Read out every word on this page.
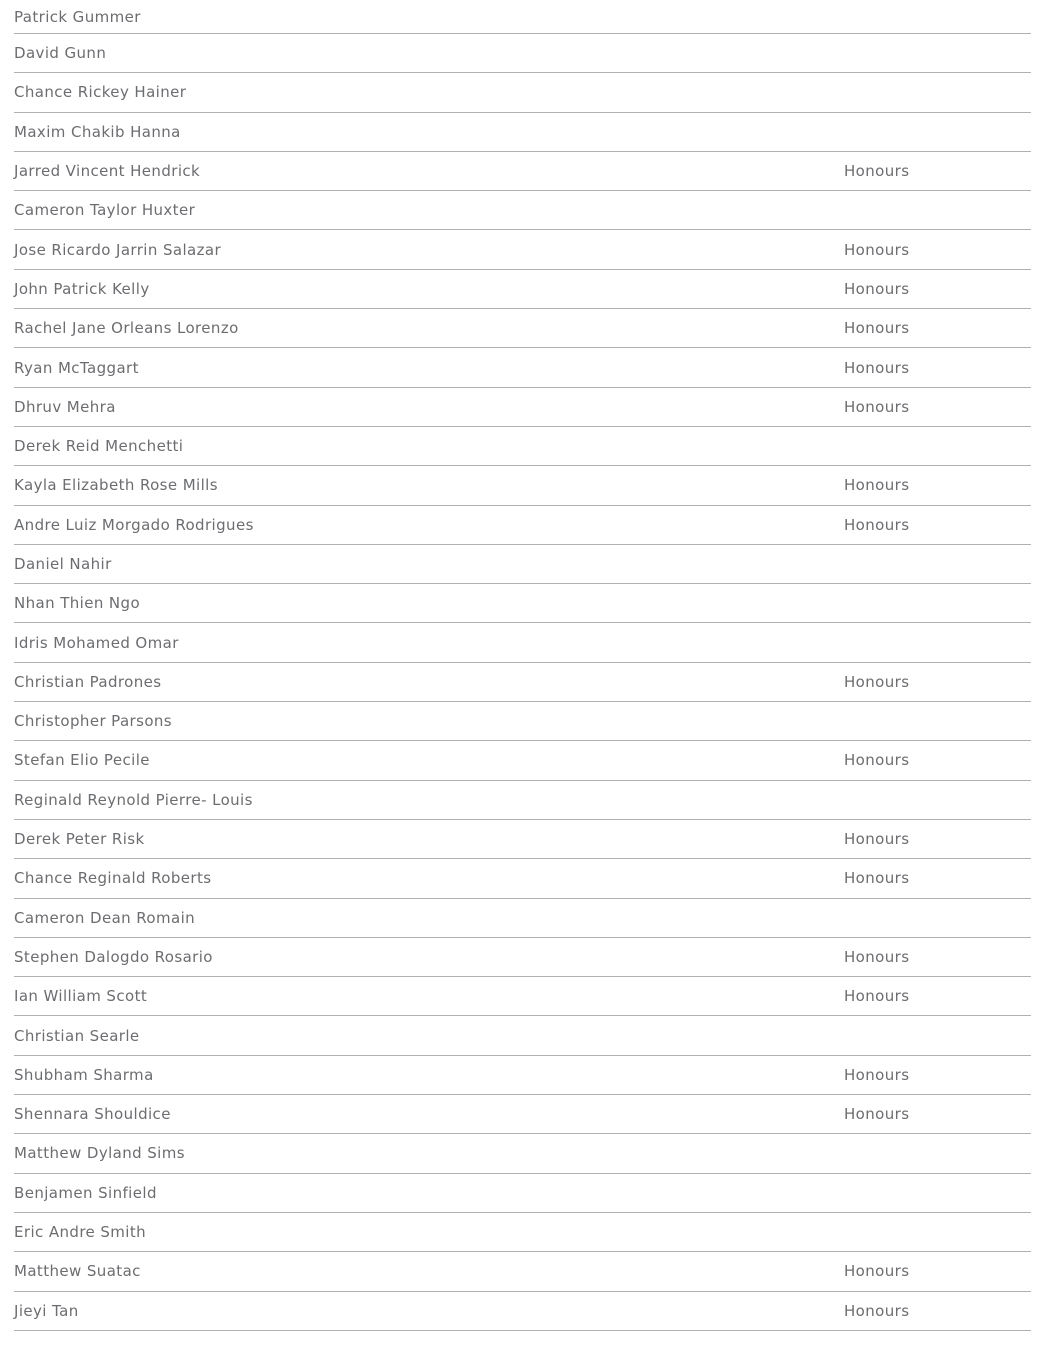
Patrick Gummer
David Gunn
Chance Rickey Hainer
Maxim Chakib Hanna
Jarred Vincent Hendrick	Honours
Cameron Taylor Huxter
Jose Ricardo Jarrin Salazar	Honours
John Patrick Kelly	Honours
Rachel Jane Orleans Lorenzo	Honours
Ryan McTaggart	Honours
Dhruv Mehra	Honours
Derek Reid Menchetti
Kayla Elizabeth Rose Mills	Honours
Andre Luiz Morgado Rodrigues	Honours
Daniel Nahir
Nhan Thien Ngo
Idris Mohamed Omar
Christian Padrones	Honours
Christopher Parsons
Stefan Elio Pecile	Honours
Reginald Reynold Pierre- Louis
Derek Peter Risk	Honours
Chance Reginald Roberts	Honours
Cameron Dean Romain
Stephen Dalogdo Rosario	Honours
Ian William Scott	Honours
Christian Searle
Shubham Sharma	Honours
Shennara Shouldice	Honours
Matthew Dyland Sims
Benjamen Sinfield
Eric Andre Smith
Matthew Suatac	Honours
Jieyi Tan	Honours
